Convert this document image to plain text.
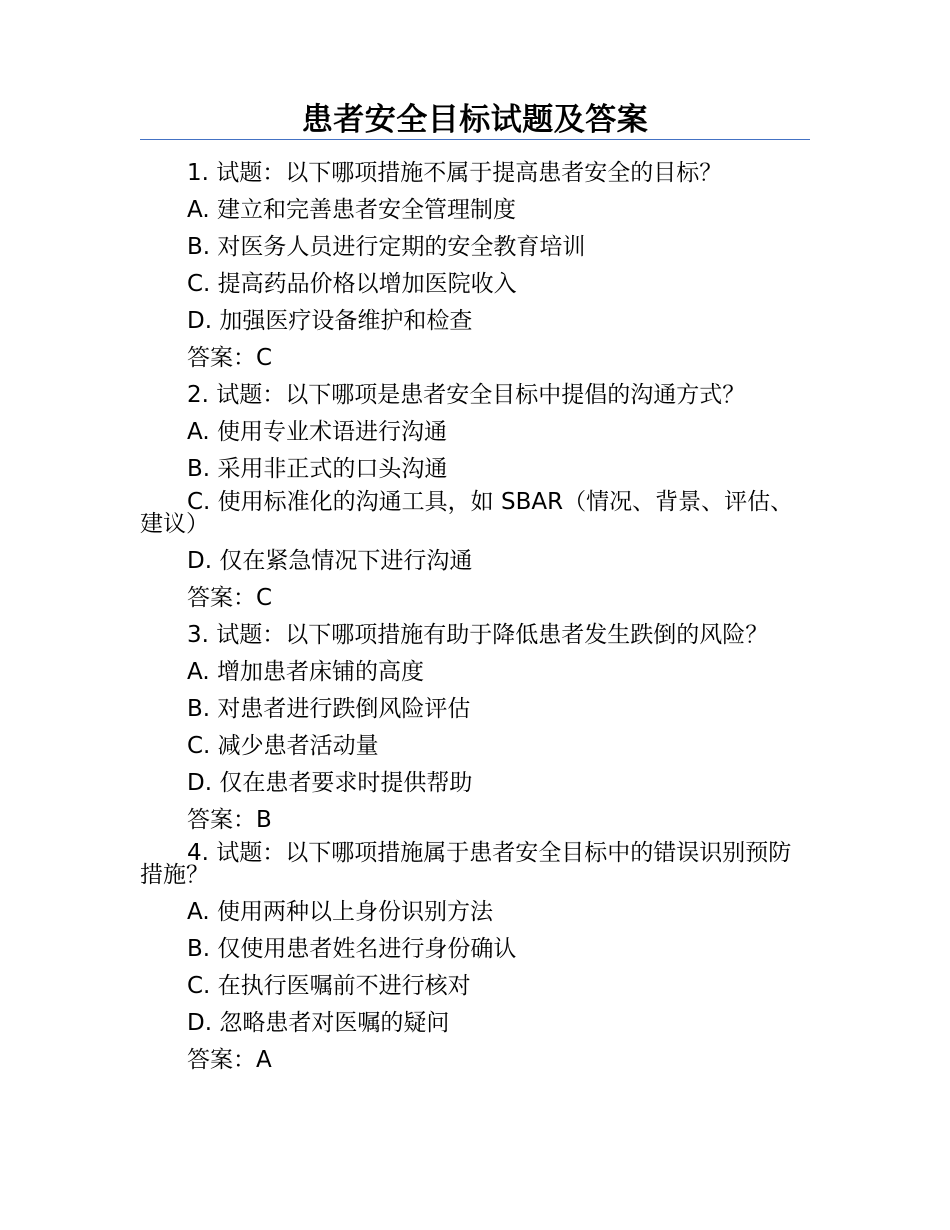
患者安全目标试题及答案
1. 试题：以下哪项措施不属于提高患者安全的目标？
A. 建立和完善患者安全管理制度
B. 对医务人员进行定期的安全教育培训
C. 提高药品价格以增加医院收入
D. 加强医疗设备维护和检查
答案：C
2. 试题：以下哪项是患者安全目标中提倡的沟通方式？
A. 使用专业术语进行沟通
B. 采用非正式的口头沟通
C. 使用标准化的沟通工具，如 SBAR（情况、背景、评估、建议）
D. 仅在紧急情况下进行沟通
答案：C
3. 试题：以下哪项措施有助于降低患者发生跌倒的风险？
A. 增加患者床铺的高度
B. 对患者进行跌倒风险评估
C. 减少患者活动量
D. 仅在患者要求时提供帮助
答案：B
4. 试题：以下哪项措施属于患者安全目标中的错误识别预防措施？
A. 使用两种以上身份识别方法
B. 仅使用患者姓名进行身份确认
C. 在执行医嘱前不进行核对
D. 忽略患者对医嘱的疑问
答案：A
